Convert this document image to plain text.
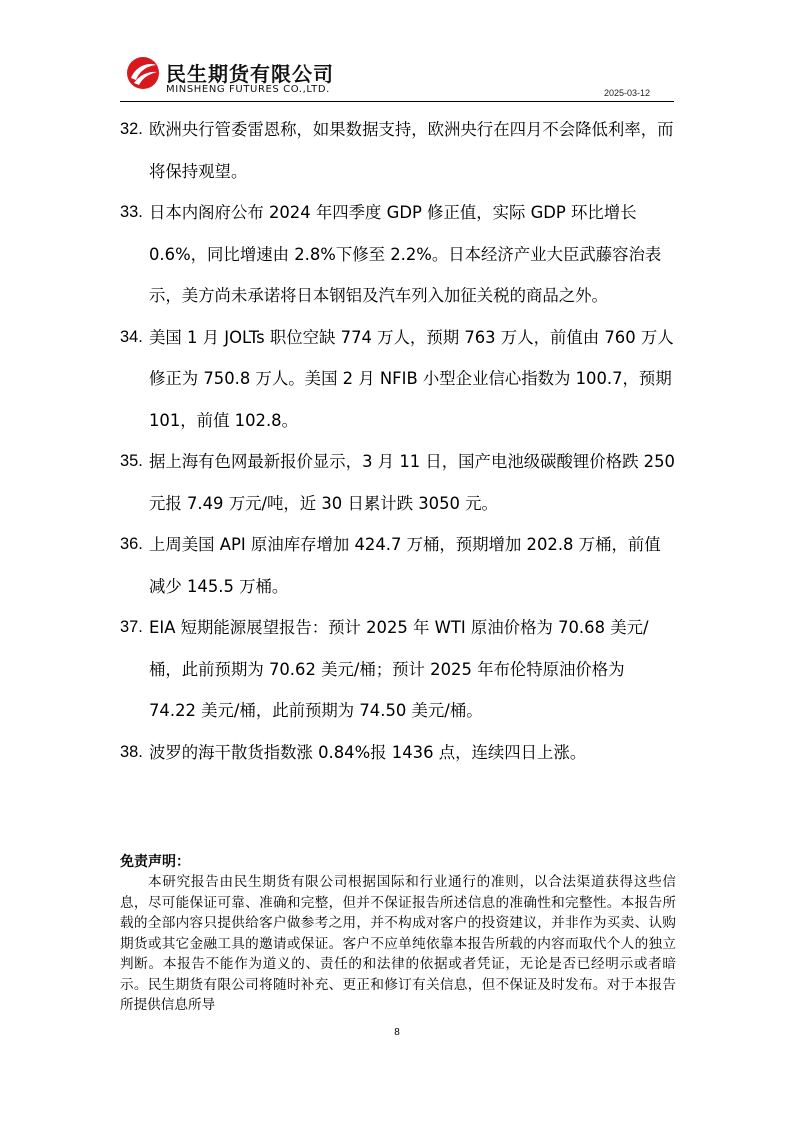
民生期货有限公司
MINSHENG FUTURES CO.,LTD.	2025-03-12
32. 欧洲央行管委雷恩称，如果数据支持，欧洲央行在四月不会降低利率，而将保持观望。
33. 日本内阁府公布 2024 年四季度 GDP 修正值，实际 GDP 环比增长 0.6%，同比增速由 2.8%下修至 2.2%。日本经济产业大臣武藤容治表示，美方尚未承诺将日本钢铝及汽车列入加征关税的商品之外。
34. 美国 1 月 JOLTs 职位空缺 774 万人，预期 763 万人，前值由 760 万人修正为 750.8 万人。美国 2 月 NFIB 小型企业信心指数为 100.7，预期 101，前值 102.8。
35. 据上海有色网最新报价显示，3 月 11 日，国产电池级碳酸锂价格跌 250 元报 7.49 万元/吨，近 30 日累计跌 3050 元。
36. 上周美国 API 原油库存增加 424.7 万桶，预期增加 202.8 万桶，前值减少 145.5 万桶。
37. EIA 短期能源展望报告：预计 2025 年 WTI 原油价格为 70.68 美元/桶，此前预期为 70.62 美元/桶；预计 2025 年布伦特原油价格为 74.22 美元/桶，此前预期为 74.50 美元/桶。
38. 波罗的海干散货指数涨 0.84%报 1436 点，连续四日上涨。

免责声明：

本研究报告由民生期货有限公司根据国际和行业通行的准则，以合法渠道获得这些信息，尽可能保证可靠、准确和完整，但并不保证报告所述信息的准确性和完整性。本报告所载的全部内容只提供给客户做参考之用，并不构成对客户的投资建议，并非作为买卖、认购期货或其它金融工具的邀请或保证。客户不应单纯依靠本报告所载的内容而取代个人的独立判断。本报告不能作为道义的、责任的和法律的依据或者凭证，无论是否已经明示或者暗示。民生期货有限公司将随时补充、更正和修订有关信息，但不保证及时发布。对于本报告所提供信息所导

8
